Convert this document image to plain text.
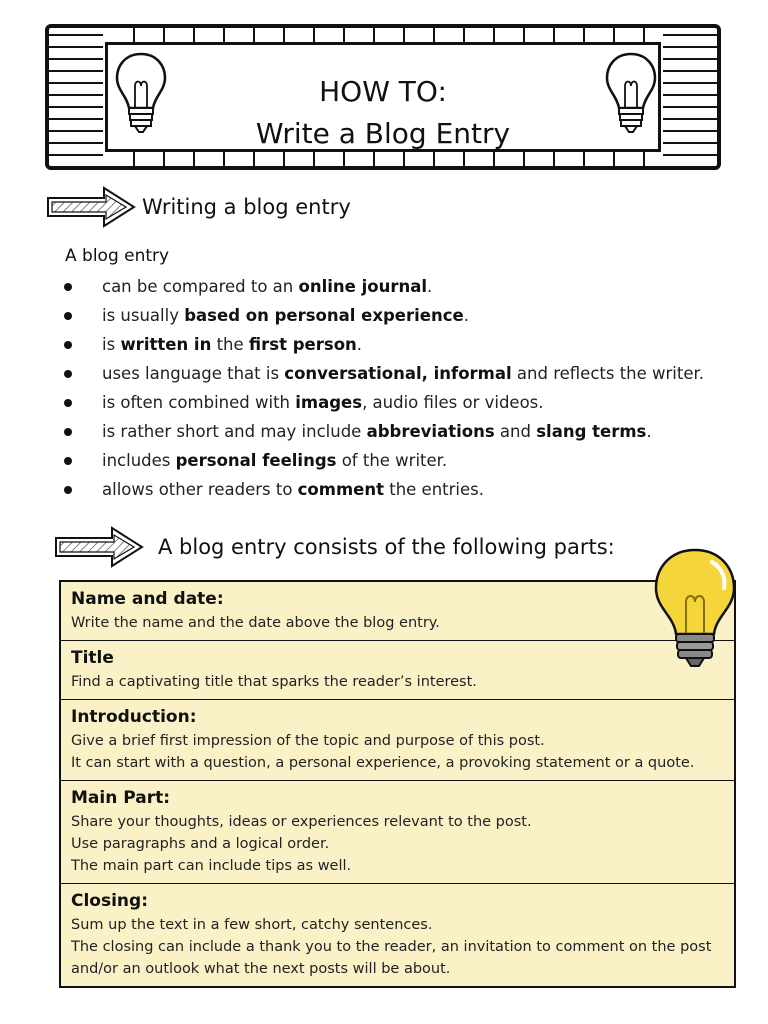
HOW TO:
Write a Blog Entry
Writing a blog entry
A blog entry
can be compared to an online journal.
is usually based on personal experience.
is written in the first person.
uses language that is conversational, informal and reflects the writer.
is often combined with images, audio files or videos.
is rather short and may include abbreviations and slang terms.
includes personal feelings of the writer.
allows other readers to comment the entries.
A blog entry consists of the following parts:
Name and date:
Write the name and the date above the blog entry.
Title
Find a captivating title that sparks the reader’s interest.
Introduction:
Give a brief first impression of the topic and purpose of this post.
It can start with a question, a personal experience, a provoking statement or a quote.
Main Part:
Share your thoughts, ideas or experiences relevant to the post.
Use paragraphs and a logical order.
The main part can include tips as well.
Closing:
Sum up the text in a few short, catchy sentences.
The closing can include a thank you to the reader, an invitation to comment on the post
and/or an outlook what the next posts will be about.
